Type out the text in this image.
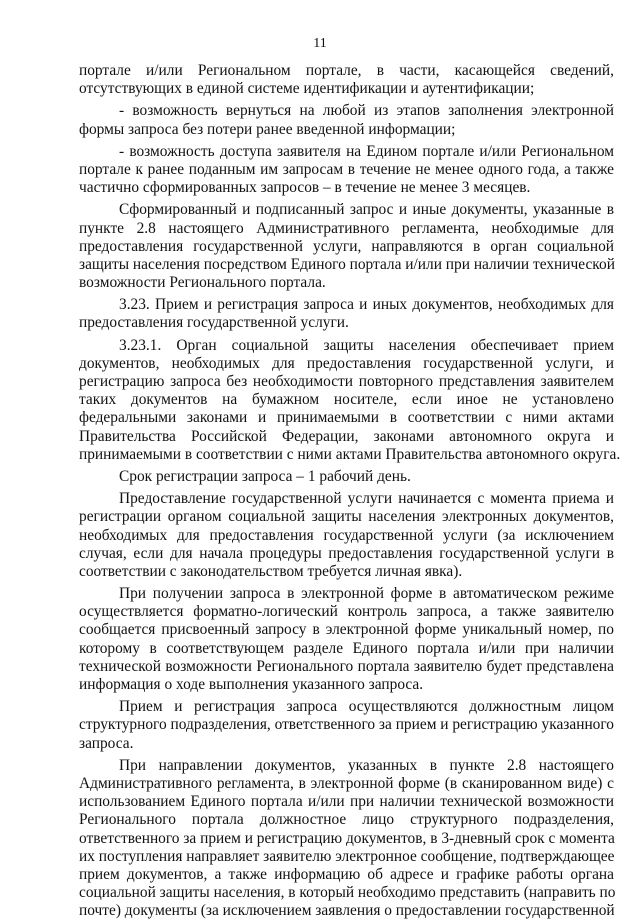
11
порталe и/или Региональном портале, в части, касающейся сведений,
отсутствующих в единой системе идентификации и аутентификации;
- возможность вернуться на любой из этапов заполнения электронной
формы запроса без потери ранее введенной информации;
- возможность доступа заявителя на Едином портале и/или Региональном
портале к ранее поданным им запросам в течение не менее одного года, а также
частично сформированных запросов – в течение не менее 3 месяцев.
Сформированный и подписанный запрос и иные документы, указанные в
пункте 2.8 настоящего Административного регламента, необходимые для
предоставления государственной услуги, направляются в орган социальной
защиты населения посредством Единого портала и/или при наличии технической
возможности Регионального портала.
3.23. Прием и регистрация запроса и иных документов, необходимых для
предоставления государственной услуги.
3.23.1. Орган социальной защиты населения обеспечивает прием
документов, необходимых для предоставления государственной услуги, и
регистрацию запроса без необходимости повторного представления заявителем
таких документов на бумажном носителе, если иное не установлено
федеральными законами и принимаемыми в соответствии с ними актами
Правительства Российской Федерации, законами автономного округа и
принимаемыми в соответствии с ними актами Правительства автономного округа.
Срок регистрации запроса – 1 рабочий день.
Предоставление государственной услуги начинается с момента приема и
регистрации органом социальной защиты населения электронных документов,
необходимых для предоставления государственной услуги (за исключением
случая, если для начала процедуры предоставления государственной услуги в
соответствии с законодательством требуется личная явка).
При получении запроса в электронной форме в автоматическом режиме
осуществляется форматно-логический контроль запроса, а также заявителю
сообщается присвоенный запросу в электронной форме уникальный номер, по
которому в соответствующем разделе Единого портала и/или при наличии
технической возможности Регионального портала заявителю будет представлена
информация о ходе выполнения указанного запроса.
Прием и регистрация запроса осуществляются должностным лицом
структурного подразделения, ответственного за прием и регистрацию указанного
запроса.
При направлении документов, указанных в пункте 2.8 настоящего
Административного регламента, в электронной форме (в сканированном виде) с
использованием Единого портала и/или при наличии технической возможности
Регионального портала должностное лицо структурного подразделения,
ответственного за прием и регистрацию документов, в 3-дневный срок с момента
их поступления направляет заявителю электронное сообщение, подтверждающее
прием документов, а также информацию об адресе и графике работы органа
социальной защиты населения, в который необходимо представить (направить по
почте) документы (за исключением заявления о предоставлении государственной
